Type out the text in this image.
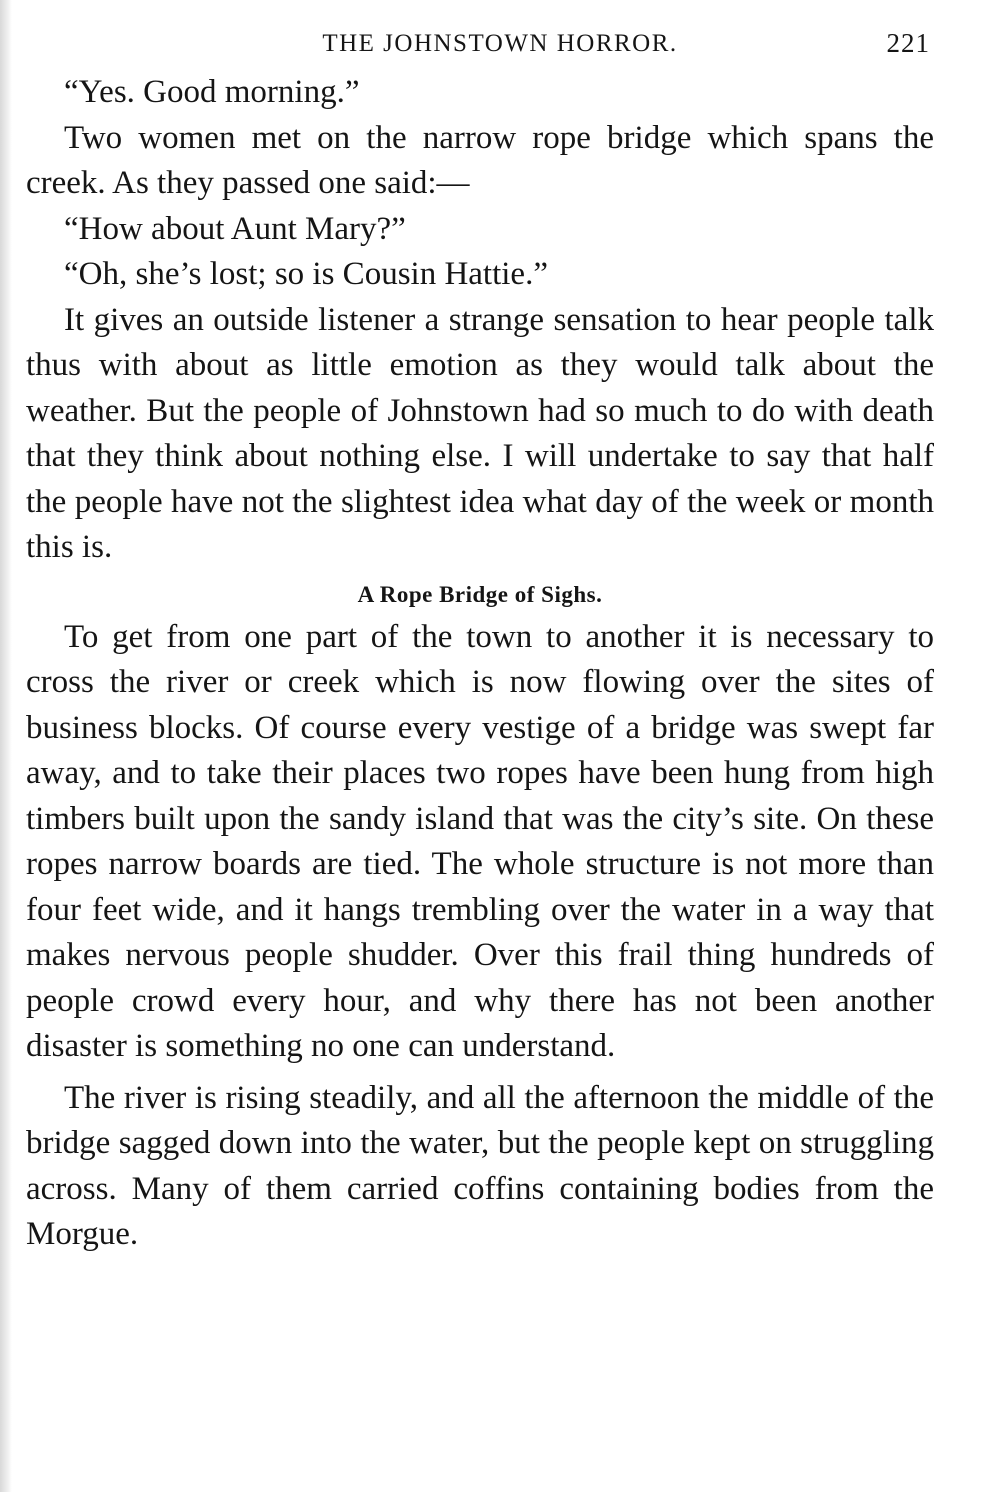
THE JOHNSTOWN HORROR.	221

“Yes. Good morning.”

Two women met on the narrow rope bridge which spans the creek. As they passed one said:—

“How about Aunt Mary?”

“Oh, she’s lost; so is Cousin Hattie.”

It gives an outside listener a strange sensation to hear people talk thus with about as little emotion as they would talk about the weather. But the people of Johnstown had so much to do with death that they think about nothing else. I will undertake to say that half the people have not the slightest idea what day of the week or month this is.

A Rope Bridge of Sighs.

To get from one part of the town to another it is necessary to cross the river or creek which is now flowing over the sites of business blocks. Of course every vestige of a bridge was swept far away, and to take their places two ropes have been hung from high timbers built upon the sandy island that was the city’s site. On these ropes narrow boards are tied. The whole structure is not more than four feet wide, and it hangs trembling over the water in a way that makes nervous people shudder. Over this frail thing hundreds of people crowd every hour, and why there has not been another disaster is something no one can understand.

The river is rising steadily, and all the afternoon the middle of the bridge sagged down into the water, but the people kept on struggling across. Many of them carried coffins containing bodies from the Morgue.
